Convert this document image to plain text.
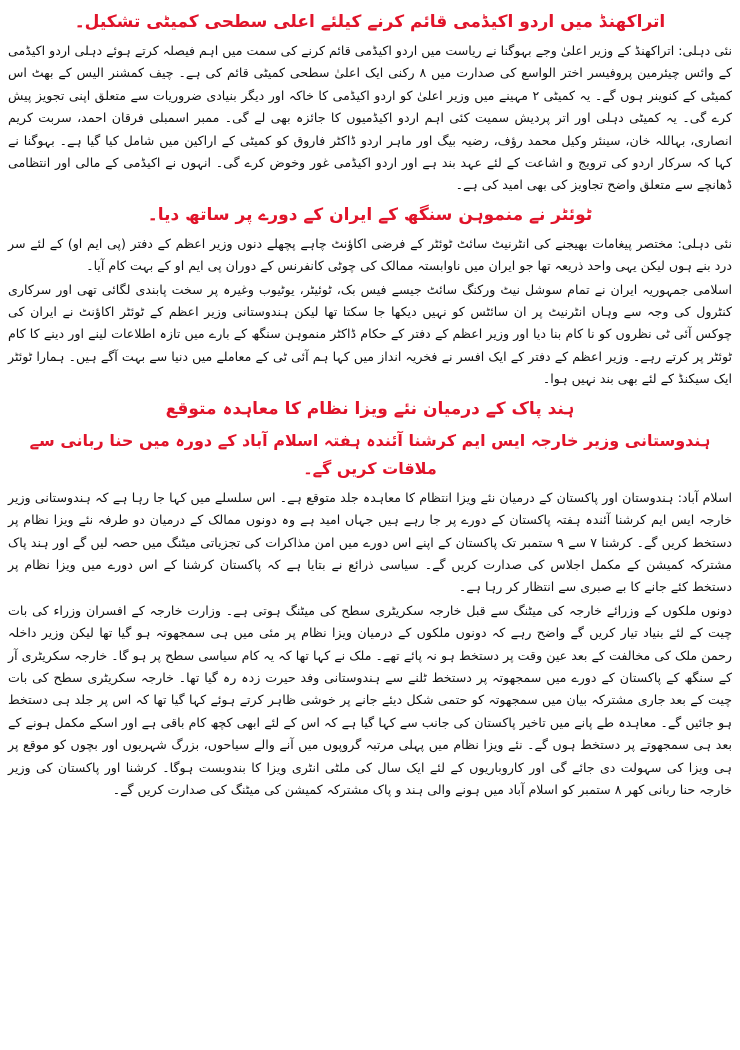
اتراکھنڈ میں اردو اکیڈمی قائم کرنے کیلئے اعلی سطحی کمیٹی تشکیل۔

نئی دہلی: اتراکھنڈ کے وزیر اعلیٰ وجے بہوگنا نے ریاست میں اردو اکیڈمی قائم کرنے کی سمت میں اہم فیصلہ کرتے ہوئے دہلی اردو اکیڈمی کے وائس چیئرمین پروفیسر اختر الواسع کی صدارت میں ۸ رکنی ایک اعلیٰ سطحی کمیٹی قائم کی ہے۔ چیف کمشنر الیس کے بھٹ اس کمیٹی کے کنوینر ہوں گے۔ یہ کمیٹی ۲ مہینے میں وزیر اعلیٰ کو اردو اکیڈمی کا خاکہ اور دیگر بنیادی ضروریات سے متعلق اپنی تجویز پیش کرے گی۔ یہ کمیٹی دہلی اور اتر پردیش سمیت کئی اہم اردو اکیڈمیوں کا جائزہ بھی لے گی۔ ممبر اسمبلی فرقان احمد، سربت کریم انصاری، بہاللہ خان، سینئر وکیل محمد رؤف، رضیہ بیگ اور ماہر اردو ڈاکٹر فاروق کو کمیٹی کے اراکین میں شامل کیا گیا ہے۔ بہوگنا نے کہا کہ سرکار اردو کی ترویج و اشاعت کے لئے عہد بند ہے اور اردو اکیڈمی غور وخوض کرے گی۔ انہوں نے اکیڈمی کے مالی اور انتظامی ڈھانچے سے متعلق واضح تجاویز کی بھی امید کی ہے۔

ٹوئٹر نے منموہن سنگھ کے ایران کے دورے پر ساتھ دیا۔

نئی دہلی: مختصر پیغامات بھیجنے کی انٹرنیٹ سائٹ ٹوئٹر کے فرضی اکاؤنٹ چاہے پچھلے دنوں وزیر اعظم کے دفتر (پی ایم او) کے لئے سر درد بنے ہوں لیکن یہی واحد ذریعہ تھا جو ایران میں ناوابستہ ممالک کی چوٹی کانفرنس کے دوران پی ایم او کے بہت کام آیا۔

اسلامی جمہوریہ ایران نے تمام سوشل نیٹ ورکنگ سائٹ جیسے فیس بک، ٹوئیٹر، یوٹیوب وغیرہ پر سخت پابندی لگائی تھی اور سرکاری کنٹرول کی وجہ سے وہاں انٹرنیٹ پر ان سائٹس کو نہیں دیکھا جا سکتا تھا لیکن ہندوستانی وزیر اعظم کے ٹوئٹر اکاؤنٹ نے ایران کی چوکس آئی ٹی نظروں کو نا کام بنا دیا اور وزیر اعظم کے دفتر کے حکام ڈاکٹر منموہن سنگھ کے بارے میں تازہ اطلاعات لینے اور دینے کا کام ٹوئٹر پر کرتے رہے۔ وزیر اعظم کے دفتر کے ایک افسر نے فخریہ انداز میں کہا ہم آئی ٹی کے معاملے میں دنیا سے بہت آگے ہیں۔ ہمارا ٹوئٹر ایک سیکنڈ کے لئے بھی بند نہیں ہوا۔

ہند پاک کے درمیان نئے ویزا نظام کا معاہدہ متوقع
ہندوستانی وزیر خارجہ ایس ایم کرشنا آئندہ ہفتہ اسلام آباد کے دورہ میں حنا ربانی سے ملاقات کریں گے۔

اسلام آباد: ہندوستان اور پاکستان کے درمیان نئے ویزا انتظام کا معاہدہ جلد متوقع ہے۔ اس سلسلے میں کہا جا رہا ہے کہ ہندوستانی وزیر خارجہ ایس ایم کرشنا آئندہ ہفتہ پاکستان کے دورے پر جا رہے ہیں جہاں امید ہے وہ دونوں ممالک کے درمیان دو طرفہ نئے ویزا نظام پر دستخط کریں گے۔ کرشنا ۷ سے ۹ ستمبر تک پاکستان کے اپنے اس دورے میں امن مذاکرات کی تجزیاتی میٹنگ میں حصہ لیں گے اور ہند پاک مشترکہ کمیشن کے مکمل اجلاس کی صدارت کریں گے۔ سیاسی ذرائع نے بتایا ہے کہ پاکستان کرشنا کے اس دورے میں ویزا نظام پر دستخط کئے جانے کا بے صبری سے انتظار کر رہا ہے۔

دونوں ملکوں کے وزرائے خارجہ کی میٹنگ سے قبل خارجہ سکریٹری سطح کی میٹنگ ہوتی ہے۔ وزارت خارجہ کے افسران وزراء کی بات چیت کے لئے بنیاد تیار کریں گے واضح رہے کہ دونوں ملکوں کے درمیان ویزا نظام پر مئی میں ہی سمجھوتہ ہو گیا تھا لیکن وزیر داخلہ رحمن ملک کی مخالفت کے بعد عین وقت پر دستخط ہو نہ پائے تھے۔ ملک نے کہا تھا کہ یہ کام سیاسی سطح پر ہو گا۔ خارجہ سکریٹری آر کے سنگھ کے پاکستان کے دورے میں سمجھوتہ پر دستخط ٹلنے سے ہندوستانی وفد حیرت زدہ رہ گیا تھا۔ خارجہ سکریٹری سطح کی بات چیت کے بعد جاری مشترکہ بیان میں سمجھوتہ کو حتمی شکل دیئے جانے پر خوشی ظاہر کرتے ہوئے کہا گیا تھا کہ اس پر جلد ہی دستخط ہو جائیں گے۔ معاہدہ طے پانے میں تاخیر پاکستان کی جانب سے کہا گیا ہے کہ اس کے لئے ابھی کچھ کام باقی ہے اور اسکے مکمل ہونے کے بعد ہی سمجھوتے پر دستخط ہوں گے۔ نئے ویزا نظام میں پہلی مرتبہ گروپوں میں آنے والے سیاحوں، بزرگ شہریوں اور بچوں کو موقع پر ہی ویزا کی سہولت دی جائے گی اور کاروباریوں کے لئے ایک سال کی ملٹی انٹری ویزا کا بندوبست ہوگا۔ کرشنا اور پاکستان کی وزیر خارجہ حنا ربانی کھر ۸ ستمبر کو اسلام آباد میں ہونے والی ہند و پاک مشترکہ کمیشن کی میٹنگ کی صدارت کریں گے۔
